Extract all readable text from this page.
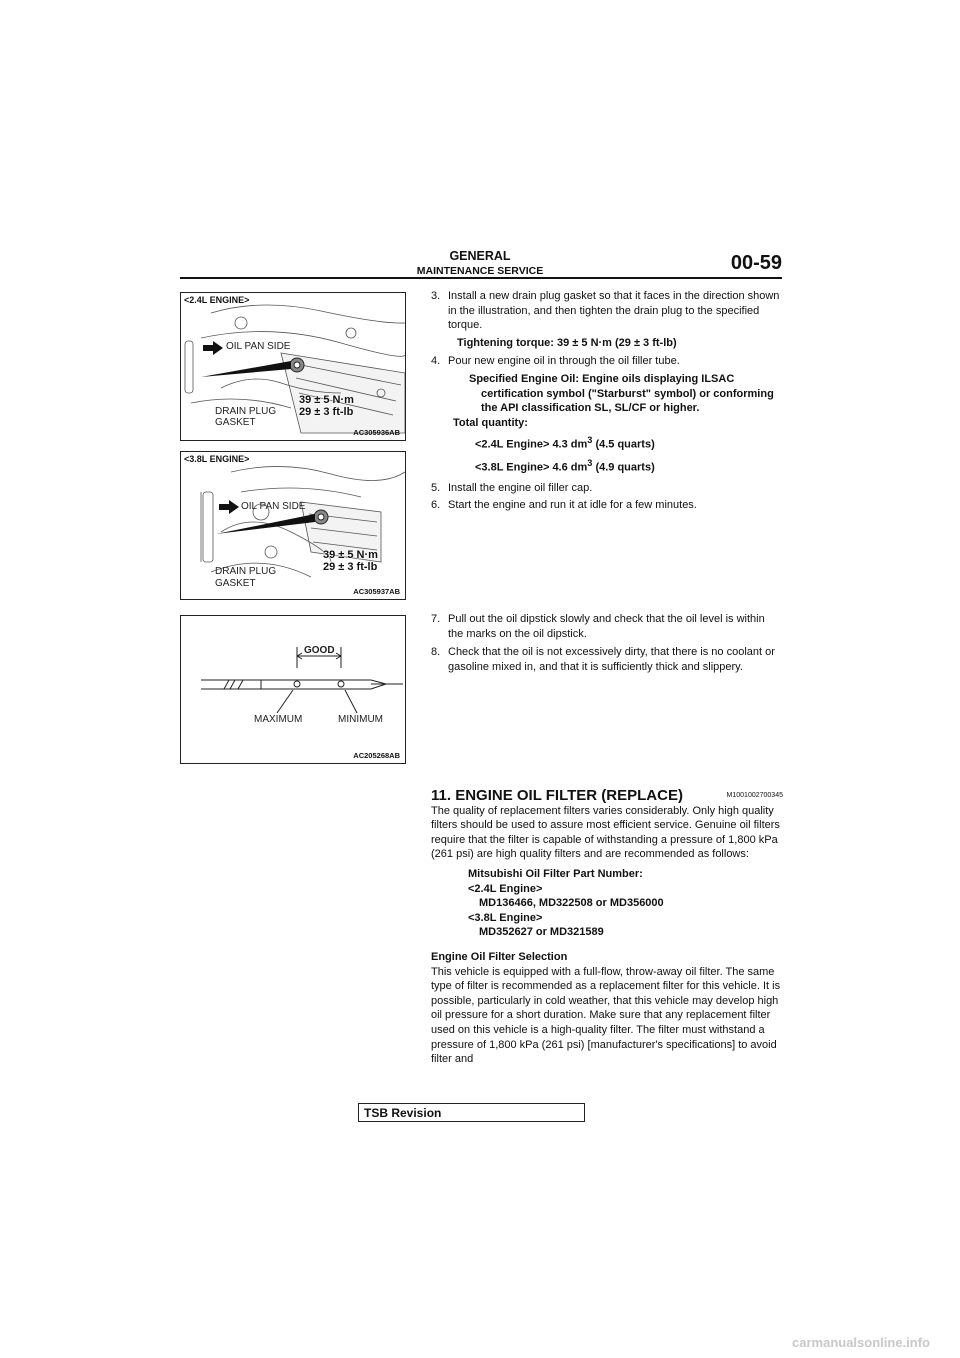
GENERAL
MAINTENANCE SERVICE	00-59
<2.4L ENGINE>
OIL PAN SIDE
DRAIN PLUG
GASKET
39 ± 5 N·m
29 ± 3 ft-lb
AC305936AB
<3.8L ENGINE>
OIL PAN SIDE
DRAIN PLUG
GASKET
39 ± 5 N·m
29 ± 3 ft-lb
AC305937AB
GOOD
MAXIMUM	MINIMUM
AC205268AB
3. Install a new drain plug gasket so that it faces in the direction shown in the illustration, and then tighten the drain plug to the specified torque.
Tightening torque: 39 ± 5 N·m (29 ± 3 ft-lb)
4. Pour new engine oil in through the oil filler tube.
Specified Engine Oil: Engine oils displaying ILSAC certification symbol ("Starburst" symbol) or conforming the API classification SL, SL/CF or higher.
Total quantity:
<2.4L Engine> 4.3 $dm^3$ (4.5 quarts)
<3.8L Engine> 4.6 $dm^3$ (4.9 quarts)
5. Install the engine oil filler cap.
6. Start the engine and run it at idle for a few minutes.
7. Pull out the oil dipstick slowly and check that the oil level is within the marks on the oil dipstick.
8. Check that the oil is not excessively dirty, that there is no coolant or gasoline mixed in, and that it is sufficiently thick and slippery.
11. ENGINE OIL FILTER (REPLACE)	M1001002700345
The quality of replacement filters varies considerably. Only high quality filters should be used to assure most efficient service. Genuine oil filters require that the filter is capable of withstanding a pressure of 1,800 kPa (261 psi) are high quality filters and are recommended as follows:
Mitsubishi Oil Filter Part Number:
<2.4L Engine>
MD136466, MD322508 or MD356000
<3.8L Engine>
MD352627 or MD321589
Engine Oil Filter Selection
This vehicle is equipped with a full-flow, throw-away oil filter. The same type of filter is recommended as a replacement filter for this vehicle. It is possible, particularly in cold weather, that this vehicle may develop high oil pressure for a short duration. Make sure that any replacement filter used on this vehicle is a high-quality filter. The filter must withstand a pressure of 1,800 kPa (261 psi) [manufacturer's specifications] to avoid filter and
TSB Revision
carmanualsonline.info
